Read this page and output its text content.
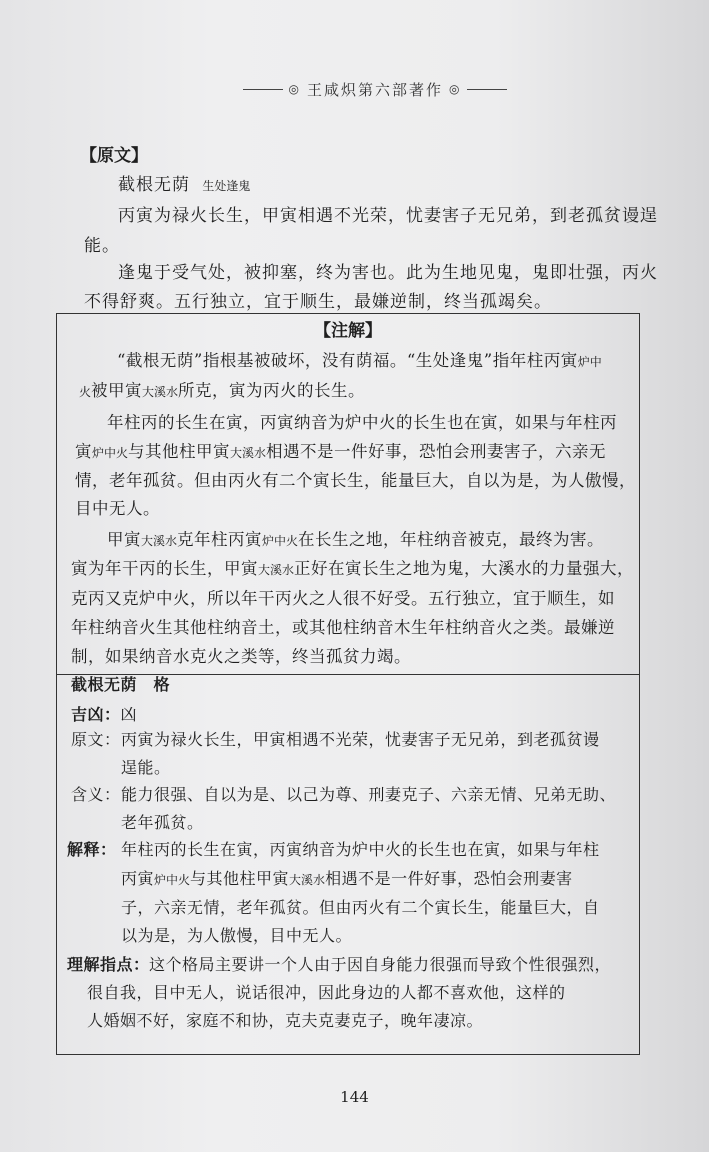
◎ 王咸炽第六部著作 ◎
【原文】
截根无荫 生处逢鬼
丙寅为禄火长生，甲寅相遇不光荣，忧妻害子无兄弟，到老孤贫谩逞
能。
逢鬼于受气处，被抑塞，终为害也。此为生地见鬼，鬼即壮强，丙火
不得舒爽。五行独立，宜于顺生，最嫌逆制，终当孤竭矣。
【注解】
“截根无荫”指根基被破坏，没有荫福。“生处逢鬼”指年柱丙寅炉中
火被甲寅大溪水所克，寅为丙火的长生。
年柱丙的长生在寅，丙寅纳音为炉中火的长生也在寅，如果与年柱丙
寅炉中火与其他柱甲寅大溪水相遇不是一件好事，恐怕会刑妻害子，六亲无
情，老年孤贫。但由丙火有二个寅长生，能量巨大，自以为是，为人傲慢，
目中无人。
甲寅大溪水克年柱丙寅炉中火在长生之地，年柱纳音被克，最终为害。
寅为年干丙的长生，甲寅大溪水正好在寅长生之地为鬼，大溪水的力量强大，
克丙又克炉中火，所以年干丙火之人很不好受。五行独立，宜于顺生，如
年柱纳音火生其他柱纳音土，或其他柱纳音木生年柱纳音火之类。最嫌逆
制，如果纳音水克火之类等，终当孤贫力竭。
截根无荫　格
吉凶：凶
原文： 丙寅为禄火长生，甲寅相遇不光荣，忧妻害子无兄弟，到老孤贫谩
逞能。
含义： 能力很强、自以为是、以己为尊、刑妻克子、六亲无情、兄弟无助、
老年孤贫。
解释： 年柱丙的长生在寅，丙寅纳音为炉中火的长生也在寅，如果与年柱
丙寅炉中火与其他柱甲寅大溪水相遇不是一件好事，恐怕会刑妻害
子，六亲无情，老年孤贫。但由丙火有二个寅长生，能量巨大，自
以为是，为人傲慢，目中无人。
理解指点： 这个格局主要讲一个人由于因自身能力很强而导致个性很强烈，
很自我，目中无人，说话很冲，因此身边的人都不喜欢他，这样的
人婚姻不好，家庭不和协，克夫克妻克子，晚年凄凉。
144
